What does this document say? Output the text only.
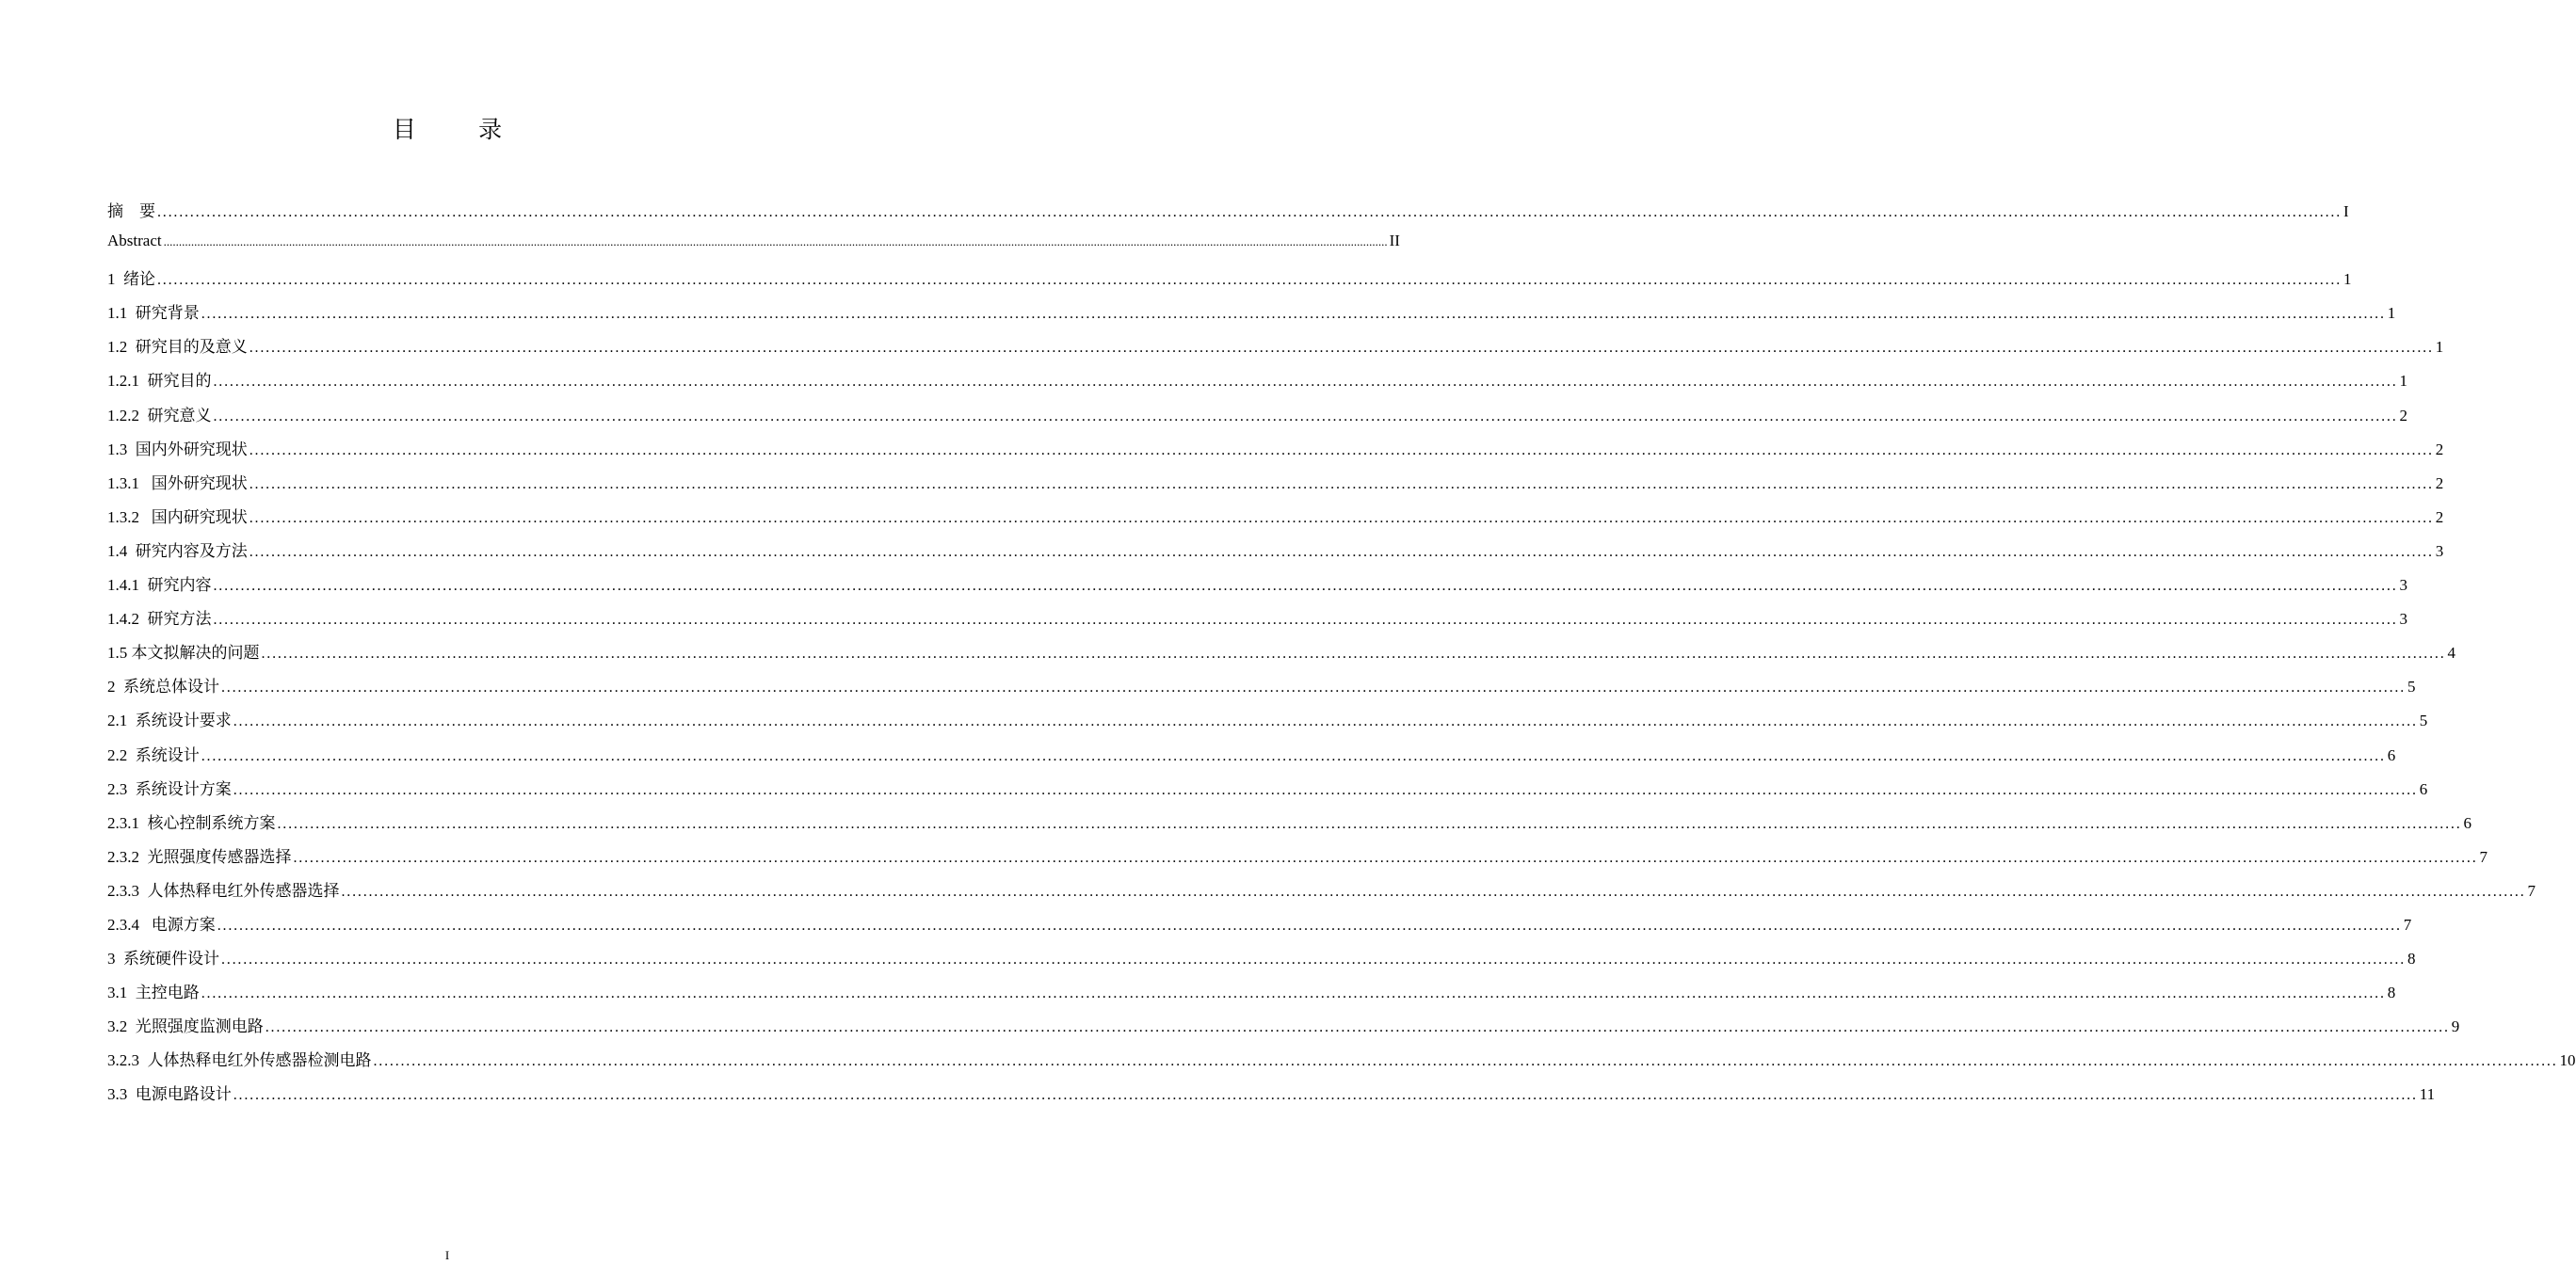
目 录
摘　要 ................................................................................................................................................................................................................................................................................................................................................................................................................ I
Abstract ................................................................................................................................................................................................................................................................................................................................................................................................................ II
1  绪论 ................................................................................................................................................................................................................................................................................................................................................................................................................ 1
1.1  研究背景 ................................................................................................................................................................................................................................................................................................................................................................................................................ 1
1.2  研究目的及意义 ................................................................................................................................................................................................................................................................................................................................................................................................................ 1
1.2.1  研究目的 ................................................................................................................................................................................................................................................................................................................................................................................................................ 1
1.2.2  研究意义 ................................................................................................................................................................................................................................................................................................................................................................................................................ 2
1.3  国内外研究现状 ................................................................................................................................................................................................................................................................................................................................................................................................................ 2
1.3.1   国外研究现状 ................................................................................................................................................................................................................................................................................................................................................................................................................ 2
1.3.2   国内研究现状 ................................................................................................................................................................................................................................................................................................................................................................................................................ 2
1.4  研究内容及方法 ................................................................................................................................................................................................................................................................................................................................................................................................................ 3
1.4.1  研究内容 ................................................................................................................................................................................................................................................................................................................................................................................................................ 3
1.4.2  研究方法 ................................................................................................................................................................................................................................................................................................................................................................................................................ 3
1.5 本文拟解决的问题 ................................................................................................................................................................................................................................................................................................................................................................................................................ 4
2  系统总体设计 ................................................................................................................................................................................................................................................................................................................................................................................................................ 5
2.1  系统设计要求 ................................................................................................................................................................................................................................................................................................................................................................................................................ 5
2.2  系统设计 ................................................................................................................................................................................................................................................................................................................................................................................................................ 6
2.3  系统设计方案 ................................................................................................................................................................................................................................................................................................................................................................................................................ 6
2.3.1  核心控制系统方案 ................................................................................................................................................................................................................................................................................................................................................................................................................ 6
2.3.2  光照强度传感器选择 ................................................................................................................................................................................................................................................................................................................................................................................................................ 7
2.3.3  人体热释电红外传感器选择 ................................................................................................................................................................................................................................................................................................................................................................................................................ 7
2.3.4   电源方案 ................................................................................................................................................................................................................................................................................................................................................................................................................ 7
3  系统硬件设计 ................................................................................................................................................................................................................................................................................................................................................................................................................ 8
3.1  主控电路 ................................................................................................................................................................................................................................................................................................................................................................................................................ 8
3.2  光照强度监测电路 ................................................................................................................................................................................................................................................................................................................................................................................................................ 9
3.2.3  人体热释电红外传感器检测电路 ................................................................................................................................................................................................................................................................................................................................................................................................................ 10
3.3  电源电路设计 ................................................................................................................................................................................................................................................................................................................................................................................................................ 11
I
